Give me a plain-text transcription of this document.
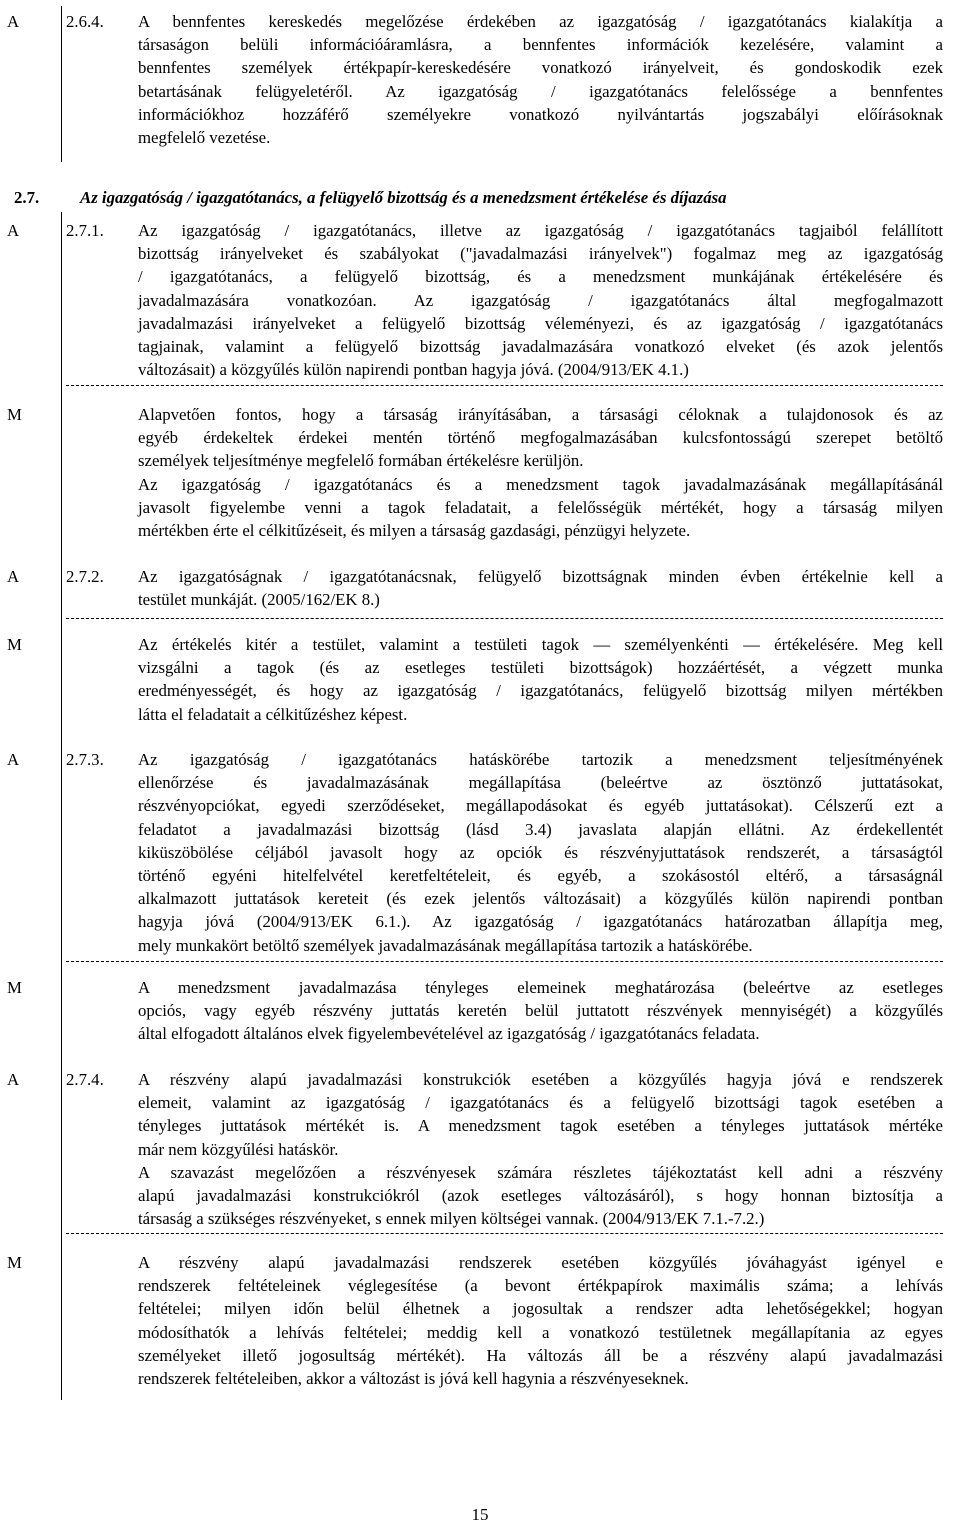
A	2.6.4. A bennfentes kereskedés megelőzése érdekében az igazgatóság / igazgatótanács kialakítja a

társaságon belüli információáramlásra, a bennfentes információk kezelésére, valamint a

bennfentes személyek értékpapír-kereskedésére vonatkozó irányelveit, és gondoskodik ezek

betartásának felügyeletéről. Az igazgatóság / igazgatótanács felelőssége a bennfentes

információkhoz hozzáférő személyekre vonatkozó nyilvántartás jogszabályi előírásoknak

megfelelő vezetése.

2.7. Az igazgatóság / igazgatótanács, a felügyelő bizottság és a menedzsment értékelése és díjazása
A	2.7.1. Az igazgatóság / igazgatótanács, illetve az igazgatóság / igazgatótanács tagjaiból felállított

bizottság irányelveket és szabályokat ("javadalmazási irányelvek") fogalmaz meg az igazgatóság

/ igazgatótanács, a felügyelő bizottság, és a menedzsment munkájának értékelésére és

javadalmazására vonatkozóan. Az igazgatóság / igazgatótanács által megfogalmazott

javadalmazási irányelveket a felügyelő bizottság véleményezi, és az igazgatóság / igazgatótanács

tagjainak, valamint a felügyelő bizottság javadalmazására vonatkozó elveket (és azok jelentős

változásait) a közgyűlés külön napirendi pontban hagyja jóvá. (2004/913/EK 4.1.)

M	Alapvetően fontos, hogy a társaság irányításában, a társasági céloknak a tulajdonosok és az

egyéb érdekeltek érdekei mentén történő megfogalmazásában kulcsfontosságú szerepet betöltő

személyek teljesítménye megfelelő formában értékelésre kerüljön.

Az igazgatóság / igazgatótanács és a menedzsment tagok javadalmazásának megállapításánál

javasolt figyelembe venni a tagok feladatait, a felelősségük mértékét, hogy a társaság milyen

mértékben érte el célkitűzéseit, és milyen a társaság gazdasági, pénzügyi helyzete.

A	2.7.2. Az igazgatóságnak / igazgatótanácsnak, felügyelő bizottságnak minden évben értékelnie kell a

testület munkáját. (2005/162/EK 8.)

M	Az értékelés kitér a testület, valamint a testületi tagok — személyenkénti — értékelésére. Meg kell

vizsgálni a tagok (és az esetleges testületi bizottságok) hozzáértését, a végzett munka

eredményességét, és hogy az igazgatóság / igazgatótanács, felügyelő bizottság milyen mértékben

látta el feladatait a célkitűzéshez képest.

A	2.7.3. Az igazgatóság / igazgatótanács hatáskörébe tartozik a menedzsment teljesítményének

ellenőrzése és javadalmazásának megállapítása (beleértve az ösztönző juttatásokat,

részvényopciókat, egyedi szerződéseket, megállapodásokat és egyéb juttatásokat). Célszerű ezt a

feladatot a javadalmazási bizottság (lásd 3.4) javaslata alapján ellátni. Az érdekellentét

kiküszöbölése céljából javasolt hogy az opciók és részvényjuttatások rendszerét, a társaságtól

történő egyéni hitelfelvétel keretfeltételeit, és egyéb, a szokásostól eltérő, a társaságnál

alkalmazott juttatások kereteit (és ezek jelentős változásait) a közgyűlés külön napirendi pontban

hagyja jóvá (2004/913/EK 6.1.). Az igazgatóság / igazgatótanács határozatban állapítja meg,

mely munkakört betöltő személyek javadalmazásának megállapítása tartozik a hatáskörébe.

M	A menedzsment javadalmazása tényleges elemeinek meghatározása (beleértve az esetleges

opciós, vagy egyéb részvény juttatás keretén belül juttatott részvények mennyiségét) a közgyűlés

által elfogadott általános elvek figyelembevételével az igazgatóság / igazgatótanács feladata.

A	2.7.4. A részvény alapú javadalmazási konstrukciók esetében a közgyűlés hagyja jóvá e rendszerek

elemeit, valamint az igazgatóság / igazgatótanács és a felügyelő bizottsági tagok esetében a

tényleges juttatások mértékét is. A menedzsment tagok esetében a tényleges juttatások mértéke

már nem közgyűlési hatáskör.

A szavazást megelőzően a részvényesek számára részletes tájékoztatást kell adni a részvény

alapú javadalmazási konstrukciókról (azok esetleges változásáról), s hogy honnan biztosítja a

társaság a szükséges részvényeket, s ennek milyen költségei vannak. (2004/913/EK 7.1.-7.2.)

M	A részvény alapú javadalmazási rendszerek esetében közgyűlés jóváhagyást igényel e

rendszerek feltételeinek véglegesítése (a bevont értékpapírok maximális száma; a lehívás

feltételei; milyen időn belül élhetnek a jogosultak a rendszer adta lehetőségekkel; hogyan

módosíthatók a lehívás feltételei; meddig kell a vonatkozó testületnek megállapítania az egyes

személyeket illető jogosultság mértékét). Ha változás áll be a részvény alapú javadalmazási

rendszerek feltételeiben, akkor a változást is jóvá kell hagynia a részvényeseknek.

15
